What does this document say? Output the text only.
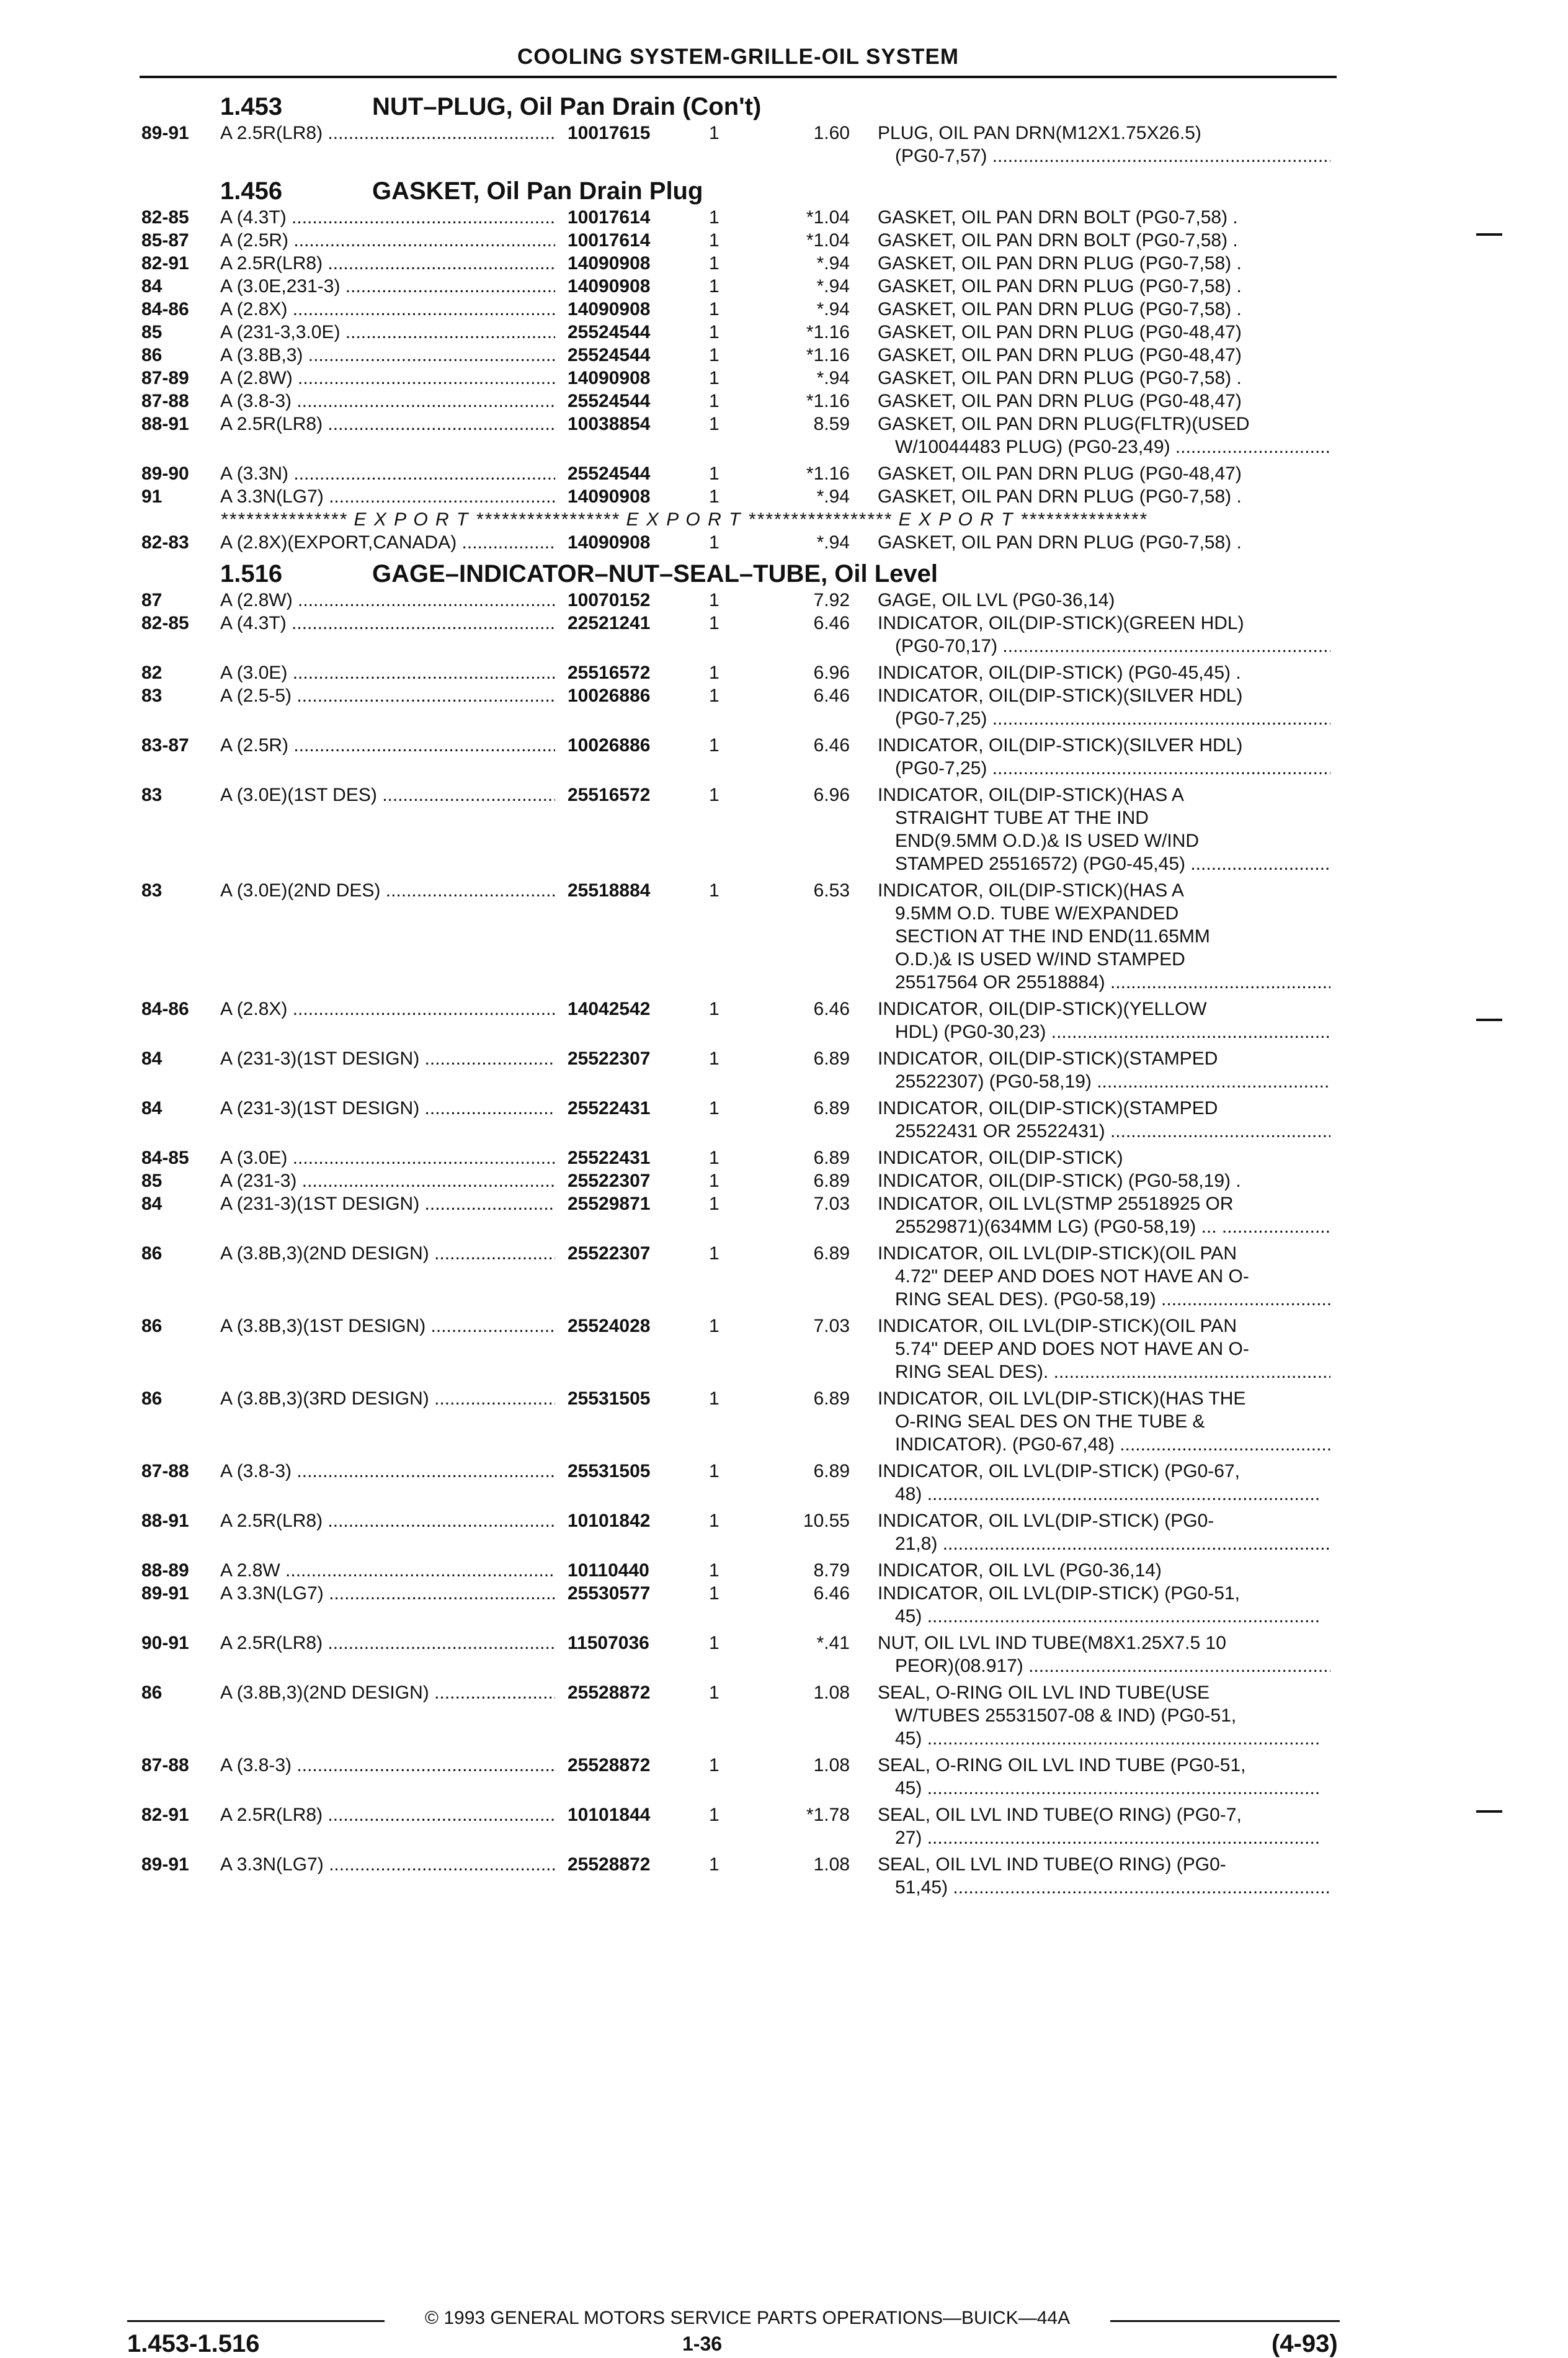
COOLING SYSTEM-GRILLE-OIL SYSTEM
1.453	NUT–PLUG, Oil Pan Drain (Con't)
89-91 A 2.5R(LR8) .....	10017615	1	1.60 PLUG, OIL PAN DRN(M12X1.75X26.5)
(PG0-7,57) .....
1.456	GASKET, Oil Pan Drain Plug
82-85 A (4.3T) .....	10017614	1	*1.04 GASKET, OIL PAN DRN BOLT (PG0-7,58) .
85-87 A (2.5R) .....	10017614	1	*1.04 GASKET, OIL PAN DRN BOLT (PG0-7,58) .
82-91 A 2.5R(LR8) .....	14090908	1	*.94 GASKET, OIL PAN DRN PLUG (PG0-7,58) .
84	A (3.0E,231-3) .....	14090908	1	*.94 GASKET, OIL PAN DRN PLUG (PG0-7,58) .
84-86 A (2.8X) .....	14090908	1	*.94 GASKET, OIL PAN DRN PLUG (PG0-7,58) .
85	A (231-3,3.0E) .....	25524544	1	*1.16 GASKET, OIL PAN DRN PLUG (PG0-48,47)
86	A (3.8B,3) .....	25524544	1	*1.16 GASKET, OIL PAN DRN PLUG (PG0-48,47)
87-89 A (2.8W) .....	14090908	1	*.94 GASKET, OIL PAN DRN PLUG (PG0-7,58) .
87-88 A (3.8-3) .....	25524544	1	*1.16 GASKET, OIL PAN DRN PLUG (PG0-48,47)
88-91 A 2.5R(LR8) .....	10038854	1	8.59 GASKET, OIL PAN DRN PLUG(FLTR)(USED
W/10044483 PLUG) (PG0-23,49) .....
89-90 A (3.3N) .....	25524544	1	*1.16 GASKET, OIL PAN DRN PLUG (PG0-48,47)
91	A 3.3N(LG7) .....	14090908	1	*.94 GASKET, OIL PAN DRN PLUG (PG0-7,58) .
*************** E X P O R T ***************** E X P O R T ***************** E X P O R T ***************
82-83 A (2.8X)(EXPORT,CANADA) .....	14090908	1	*.94 GASKET, OIL PAN DRN PLUG (PG0-7,58) .
1.516	GAGE–INDICATOR–NUT–SEAL–TUBE, Oil Level
87	A (2.8W) .....	10070152	1	7.92 GAGE, OIL LVL (PG0-36,14)
82-85 A (4.3T) .....	22521241	1	6.46 INDICATOR, OIL(DIP-STICK)(GREEN HDL)
(PG0-70,17) .....
82	A (3.0E) .....	25516572	1	6.96 INDICATOR, OIL(DIP-STICK) (PG0-45,45) .
83	A (2.5-5) .....	10026886	1	6.46 INDICATOR, OIL(DIP-STICK)(SILVER HDL)
(PG0-7,25) .....
83-87 A (2.5R) .....	10026886	1	6.46 INDICATOR, OIL(DIP-STICK)(SILVER HDL)
(PG0-7,25) .....
83	A (3.0E)(1ST DES) .....	25516572	1	6.96 INDICATOR, OIL(DIP-STICK)(HAS A
STRAIGHT TUBE AT THE IND
END(9.5MM O.D.)& IS USED W/IND
STAMPED 25516572) (PG0-45,45) .....
83	A (3.0E)(2ND DES) .....	25518884	1	6.53 INDICATOR, OIL(DIP-STICK)(HAS A
9.5MM O.D. TUBE W/EXPANDED
SECTION AT THE IND END(11.65MM
O.D.)& IS USED W/IND STAMPED
25517564 OR 25518884) .....
84-86 A (2.8X) .....	14042542	1	6.46 INDICATOR, OIL(DIP-STICK)(YELLOW
HDL) (PG0-30,23) .....
84	A (231-3)(1ST DESIGN) .....	25522307	1	6.89 INDICATOR, OIL(DIP-STICK)(STAMPED
25522307) (PG0-58,19) .....
84	A (231-3)(1ST DESIGN) .....	25522431	1	6.89 INDICATOR, OIL(DIP-STICK)(STAMPED
25522431 OR 25522431) .....
84-85 A (3.0E) .....	25522431	1	6.89 INDICATOR, OIL(DIP-STICK)
85	A (231-3) .....	25522307	1	6.89 INDICATOR, OIL(DIP-STICK) (PG0-58,19) .
84	A (231-3)(1ST DESIGN) .....	25529871	1	7.03 INDICATOR, OIL LVL(STMP 25518925 OR
25529871)(634MM LG) (PG0-58,19) ... .....
86	A (3.8B,3)(2ND DESIGN) .....	25522307	1	6.89 INDICATOR, OIL LVL(DIP-STICK)(OIL PAN
4.72" DEEP AND DOES NOT HAVE AN O-
RING SEAL DES). (PG0-58,19) .....
86	A (3.8B,3)(1ST DESIGN) .....	25524028	1	7.03 INDICATOR, OIL LVL(DIP-STICK)(OIL PAN
5.74" DEEP AND DOES NOT HAVE AN O-
RING SEAL DES). .....
86	A (3.8B,3)(3RD DESIGN) .....	25531505	1	6.89 INDICATOR, OIL LVL(DIP-STICK)(HAS THE
O-RING SEAL DES ON THE TUBE &
INDICATOR). (PG0-67,48) .....
87-88 A (3.8-3) .....	25531505	1	6.89 INDICATOR, OIL LVL(DIP-STICK) (PG0-67,
48) .....
88-91 A 2.5R(LR8) .....	10101842	1	10.55 INDICATOR, OIL LVL(DIP-STICK) (PG0-
21,8) .....
88-89 A 2.8W .....	10110440	1	8.79 INDICATOR, OIL LVL (PG0-36,14)
89-91 A 3.3N(LG7) .....	25530577	1	6.46 INDICATOR, OIL LVL(DIP-STICK) (PG0-51,
45) .....
90-91 A 2.5R(LR8) .....	11507036	1	*.41 NUT, OIL LVL IND TUBE(M8X1.25X7.5 10
PEOR)(08.917) .....
86	A (3.8B,3)(2ND DESIGN) .....	25528872	1	1.08 SEAL, O-RING OIL LVL IND TUBE(USE
W/TUBES 25531507-08 & IND) (PG0-51,
45) .....
87-88 A (3.8-3) .....	25528872	1	1.08 SEAL, O-RING OIL LVL IND TUBE (PG0-51,
45) .....
82-91 A 2.5R(LR8) .....	10101844	1	*1.78 SEAL, OIL LVL IND TUBE(O RING) (PG0-7,
27) .....
89-91 A 3.3N(LG7) .....	25528872	1	1.08 SEAL, OIL LVL IND TUBE(O RING) (PG0-
51,45) .....
© 1993 GENERAL MOTORS SERVICE PARTS OPERATIONS—BUICK—44A
1.453-1.516	1-36	(4-93)
